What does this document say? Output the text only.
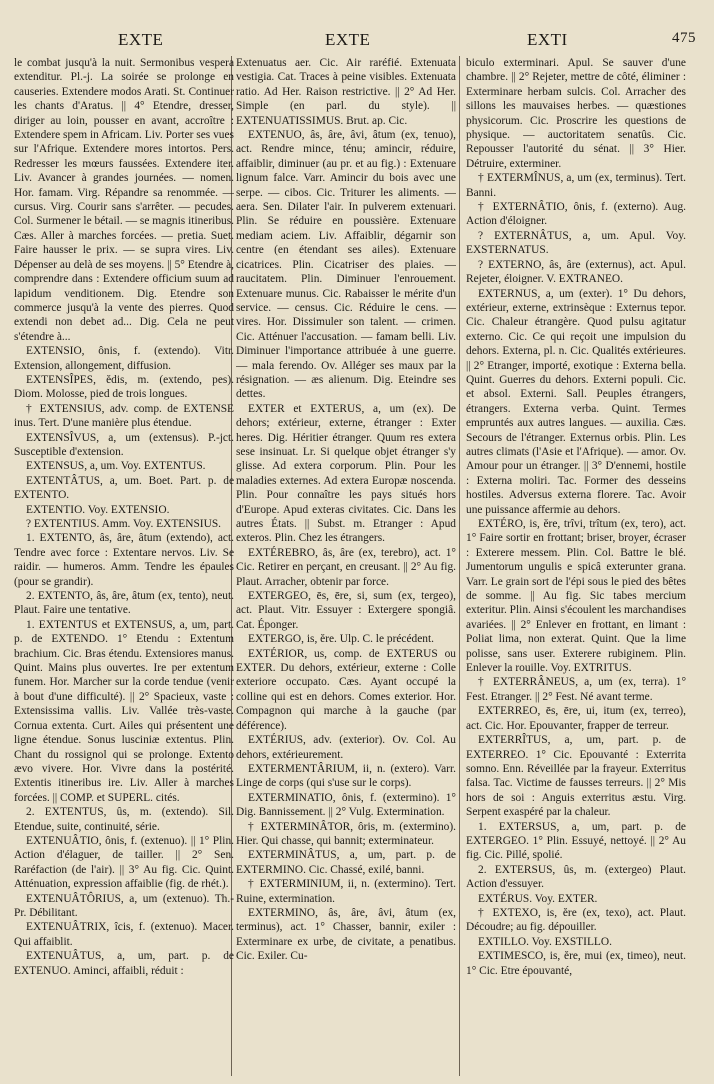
EXTE	EXTE	EXTI	475

le combat jusqu'à la nuit. Sermonibus vespera extenditur. Pl.-j. La soirée se prolonge en causeries. Extendere modos Arati. St. Continuer les chants d'Aratus. || 4° Etendre, dresser, diriger au loin, pousser en avant, accroître : Extendere spem in Africam. Liv. Porter ses vues sur l'Afrique. Extendere mores intortos. Pers. Redresser les mœurs faussées. Extendere iter. Liv. Avancer à grandes journées. — nomen. Hor. famam. Virg. Répandre sa renommée. — cursus. Virg. Courir sans s'arrêter. — pecudes. Col. Surmener le bétail. — se magnis itineribus. Cæs. Aller à marches forcées. — pretia. Suet. Faire hausser le prix. — se supra vires. Liv. Dépenser au delà de ses moyens. || 5° Etendre à, comprendre dans : Extendere officium suum ad lapidum venditionem. Dig. Etendre son commerce jusqu'à la vente des pierres. Quod extendi non debet ad... Dig. Cela ne peut s'étendre à...

EXTENSIO, ônis, f. (extendo). Vitr. Extension, allongement, diffusion.

EXTENSÎPES, ĕdis, m. (extendo, pes). Diom. Molosse, pied de trois longues.

† EXTENSIUS, adv. comp. de EXTENSE inus. Tert. D'une manière plus étendue.

EXTENSÎVUS, a, um (extensus). P.-jct. Susceptible d'extension.

EXTENSUS, a, um. Voy. EXTENTUS.

EXTENTÂTUS, a, um. Boet. Part. p. de EXTENTO.

EXTENTIO. Voy. EXTENSIO.

? EXTENTIUS. Amm. Voy. EXTENSIUS.

1. EXTENTO, âs, âre, âtum (extendo), act. Tendre avec force : Extentare nervos. Liv. Se raidir. — humeros. Amm. Tendre les épaules (pour se grandir).

2. EXTENTO, âs, âre, âtum (ex, tento), neut. Plaut. Faire une tentative.

1. EXTENTUS et EXTENSUS, a, um, part. p. de EXTENDO. 1° Etendu : Extentum brachium. Cic. Bras étendu. Extensiores manus. Quint. Mains plus ouvertes. Ire per extentum funem. Hor. Marcher sur la corde tendue (venir à bout d'une difficulté). || 2° Spacieux, vaste : Extensissima vallis. Liv. Vallée très-vaste. Cornua extenta. Curt. Ailes qui présentent une ligne étendue. Sonus lusciniæ extentus. Plin. Chant du rossignol qui se prolonge. Extento ævo vivere. Hor. Vivre dans la postérité. Extentis itineribus ire. Liv. Aller à marches forcées. || COMP. et SUPERL. cités.

2. EXTENTUS, ûs, m. (extendo). Sil. Etendue, suite, continuité, série.

EXTENUÂTIO, ônis, f. (extenuo). || 1° Plin. Action d'élaguer, de tailler. || 2° Sen. Raréfaction (de l'air). || 3° Au fig. Cic. Quint. Atténuation, expression affaiblie (fig. de rhét.).

EXTENUÂTÔRIUS, a, um (extenuo). Th.-Pr. Débilitant.

EXTENUÂTRIX, îcis, f. (extenuo). Macer. Qui affaiblit.

EXTENUÂTUS, a, um, part. p. de EXTENUO. Aminci, affaibli, réduit :

Extenuatus aer. Cic. Air raréfié. Extenuata vestigia. Cat. Traces à peine visibles. Extenuata ratio. Ad Her. Raison restrictive. || 2° Ad Her. Simple (en parl. du style). || EXTENUATISSIMUS. Brut. ap. Cic.

EXTENUO, âs, âre, âvi, âtum (ex, tenuo), act. Rendre mince, ténu; amincir, réduire, affaiblir, diminuer (au pr. et au fig.) : Extenuare lignum falce. Varr. Amincir du bois avec une serpe. — cibos. Cic. Triturer les aliments. — aera. Sen. Dilater l'air. In pulverem extenuari. Plin. Se réduire en poussière. Extenuare mediam aciem. Liv. Affaiblir, dégarnir son centre (en étendant ses ailes). Extenuare cicatrices. Plin. Cicatriser des plaies. — raucitatem. Plin. Diminuer l'enrouement. Extenuare munus. Cic. Rabaisser le mérite d'un service. — census. Cic. Réduire le cens. — vires. Hor. Dissimuler son talent. — crimen. Cic. Atténuer l'accusation. — famam belli. Liv. Diminuer l'importance attribuée à une guerre. — mala ferendo. Ov. Alléger ses maux par la résignation. — æs alienum. Dig. Eteindre ses dettes.

EXTER et EXTERUS, a, um (ex). De dehors; extérieur, externe, étranger : Exter heres. Dig. Héritier étranger. Quum res extera sese insinuat. Lr. Si quelque objet étranger s'y glisse. Ad extera corporum. Plin. Pour les maladies externes. Ad extera Europæ noscenda. Plin. Pour connaître les pays situés hors d'Europe. Apud exteras civitates. Cic. Dans les autres États. || Subst. m. Etranger : Apud exteros. Plin. Chez les étrangers.

EXTÉREBRO, âs, âre (ex, terebro), act. 1° Cic. Retirer en perçant, en creusant. || 2° Au fig. Plaut. Arracher, obtenir par force.

EXTERGEO, ēs, ēre, si, sum (ex, tergeo), act. Plaut. Vitr. Essuyer : Extergere spongiâ. Cat. Éponger.

EXTERGO, is, ĕre. Ulp. C. le précédent.

EXTÉRIOR, us, comp. de EXTERUS ou EXTER. Du dehors, extérieur, externe : Colle exteriore occupato. Cæs. Ayant occupé la colline qui est en dehors. Comes exterior. Hor. Compagnon qui marche à la gauche (par déférence).

EXTÉRIUS, adv. (exterior). Ov. Col. Au dehors, extérieurement.

EXTERMENTÂRIUM, ii, n. (extero). Varr. Linge de corps (qui s'use sur le corps).

EXTERMINATIO, ônis, f. (extermino). 1° Dig. Bannissement. || 2° Vulg. Extermination.

† EXTERMINÂTOR, ôris, m. (extermino). Hier. Qui chasse, qui bannit; exterminateur.

EXTERMINÂTUS, a, um, part. p. de EXTERMINO. Cic. Chassé, exilé, banni.

† EXTERMINIUM, ii, n. (extermino). Tert. Ruine, extermination.

EXTERMINO, âs, âre, âvi, âtum (ex, terminus), act. 1° Chasser, bannir, exiler : Exterminare ex urbe, de civitate, a penatibus. Cic. Exiler. Cu-

biculo exterminari. Apul. Se sauver d'une chambre. || 2° Rejeter, mettre de côté, éliminer : Exterminare herbam sulcis. Col. Arracher des sillons les mauvaises herbes. — quæstiones physicorum. Cic. Proscrire les questions de physique. — auctoritatem senatûs. Cic. Repousser l'autorité du sénat. || 3° Hier. Détruire, exterminer.

† EXTERMÎNUS, a, um (ex, terminus). Tert. Banni.

† EXTERNÂTIO, ônis, f. (externo). Aug. Action d'éloigner.

? EXTERNÂTUS, a, um. Apul. Voy. EXSTERNATUS.

? EXTERNO, âs, âre (externus), act. Apul. Rejeter, éloigner. V. EXTRANEO.

EXTERNUS, a, um (exter). 1° Du dehors, extérieur, externe, extrinsèque : Externus tepor. Cic. Chaleur étrangère. Quod pulsu agitatur externo. Cic. Ce qui reçoit une impulsion du dehors. Externa, pl. n. Cic. Qualités extérieures. || 2° Etranger, importé, exotique : Externa bella. Quint. Guerres du dehors. Externi populi. Cic. et absol. Externi. Sall. Peuples étrangers, étrangers. Externa verba. Quint. Termes empruntés aux autres langues. — auxilia. Cæs. Secours de l'étranger. Externus orbis. Plin. Les autres climats (l'Asie et l'Afrique). — amor. Ov. Amour pour un étranger. || 3° D'ennemi, hostile : Externa moliri. Tac. Former des desseins hostiles. Adversus externa florere. Tac. Avoir une puissance affermie au dehors.

EXTÉRO, is, ĕre, trîvi, trîtum (ex, tero), act. 1° Faire sortir en frottant; briser, broyer, écraser : Exterere messem. Plin. Col. Battre le blé. Jumentorum ungulis e spicâ exterunter grana. Varr. Le grain sort de l'épi sous le pied des bêtes de somme. || Au fig. Sic tabes mercium exteritur. Plin. Ainsi s'écoulent les marchandises avariées. || 2° Enlever en frottant, en limant : Poliat lima, non exterat. Quint. Que la lime polisse, sans user. Exterere rubiginem. Plin. Enlever la rouille. Voy. EXTRITUS.

† EXTERRÂNEUS, a, um (ex, terra). 1° Fest. Etranger. || 2° Fest. Né avant terme.

EXTERREO, ēs, ēre, ui, itum (ex, terreo), act. Cic. Hor. Epouvanter, frapper de terreur.

EXTERRÎTUS, a, um, part. p. de EXTERREO. 1° Cic. Epouvanté : Exterrita somno. Enn. Réveillée par la frayeur. Exterritus falsa. Tac. Victime de fausses terreurs. || 2° Mis hors de soi : Anguis exterritus æstu. Virg. Serpent exaspéré par la chaleur.

1. EXTERSUS, a, um, part. p. de EXTERGEO. 1° Plin. Essuyé, nettoyé. || 2° Au fig. Cic. Pillé, spolié.

2. EXTERSUS, ûs, m. (extergeo) Plaut. Action d'essuyer.

EXTÉRUS. Voy. EXTER.

† EXTEXO, is, ĕre (ex, texo), act. Plaut. Découdre; au fig. dépouiller.

EXTILLO. Voy. EXSTILLO.

EXTIMESCO, is, ĕre, mui (ex, timeo), neut. 1° Cic. Etre épouvanté,
